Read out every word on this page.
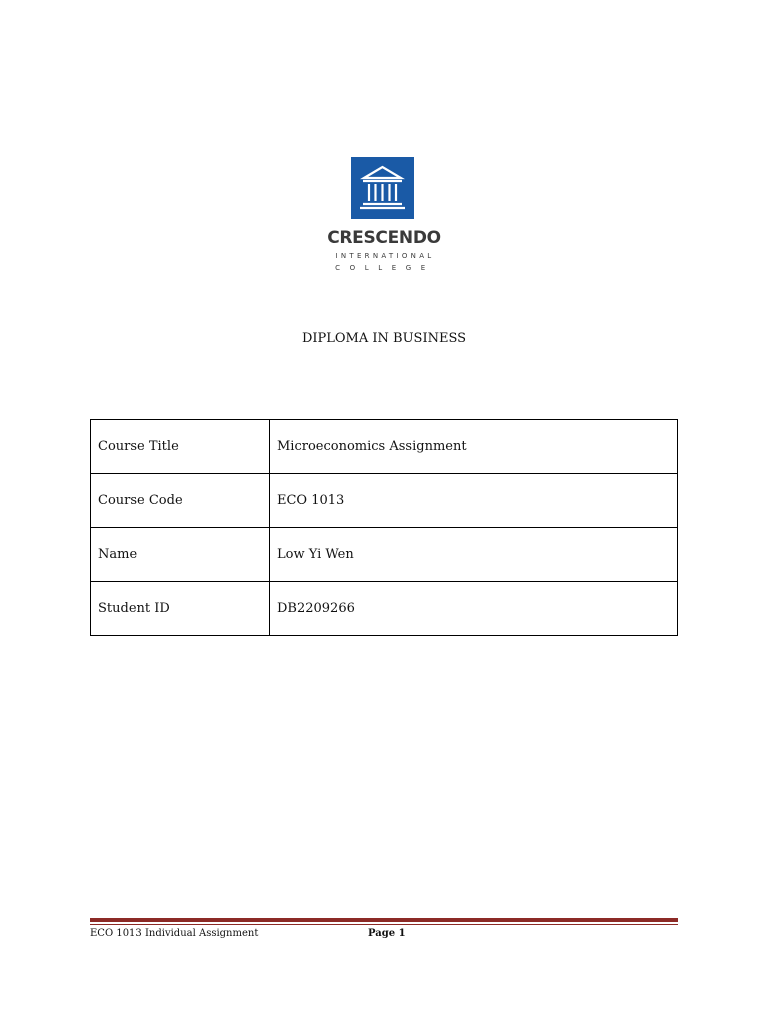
CRESCENDO
INTERNATIONAL
COLLEGE
DIPLOMA IN BUSINESS
Course Title	Microeconomics Assignment
Course Code	ECO 1013
Name	Low Yi Wen
Student ID	DB2209266
ECO 1013 Individual Assignment	Page 1
